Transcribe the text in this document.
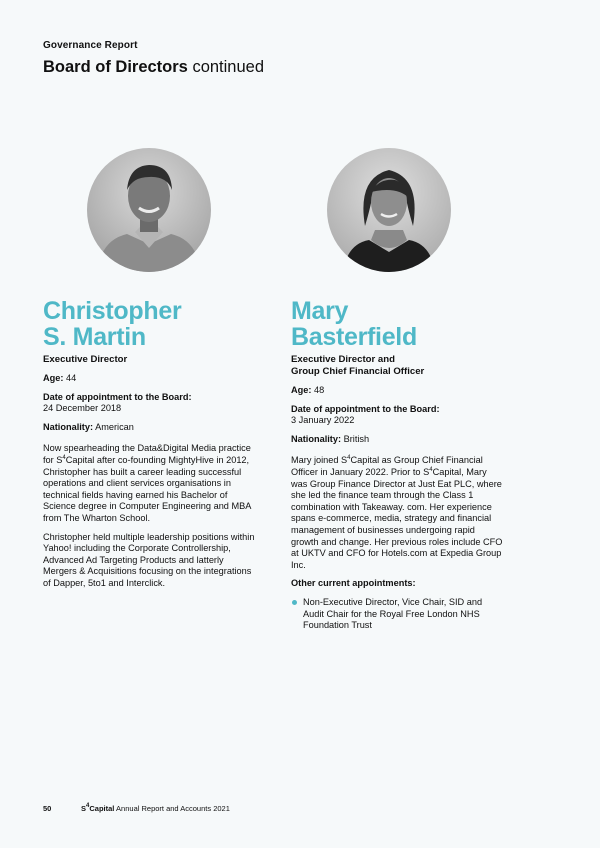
Governance Report
Board of Directors continued
Christopher
S. Martin
Mary
Basterfield

Executive Director

Age: 44

Date of appointment to the Board:

24 December 2018

Nationality: American

Now spearheading the Data&Digital Media practice for $S^4Capital$ after co-founding MightyHive in 2012, Christopher has built a career leading successful operations and client services organisations in technical fields having earned his Bachelor of Science degree in Computer Engineering and MBA from The Wharton School.

Christopher held multiple leadership positions within Yahoo! including the Corporate Controllership, Advanced Ad Targeting Products and latterly Mergers & Acquisitions focusing on the integrations of Dapper, 5to1 and Interclick.

Executive Director and
Group Chief Financial Officer

Age: 48

Date of appointment to the Board:

3 January 2022

Nationality: British

Mary joined $S^4Capital$ as Group Chief Financial Officer in January 2022. Prior to $S^4Capital$, Mary was Group Finance Director at Just Eat PLC, where she led the finance team through the Class 1 combination with Takeaway. com. Her experience spans e-commerce, media, strategy and financial management of businesses undergoing rapid growth and change. Her previous roles include CFO at UKTV and CFO for Hotels.com at Expedia Group Inc.

Other current appointments:

Non-Executive Director, Vice Chair, SID and Audit Chair for the Royal Free London NHS Foundation Trust

50	$S^4Capital$ Annual Report and Accounts 2021
